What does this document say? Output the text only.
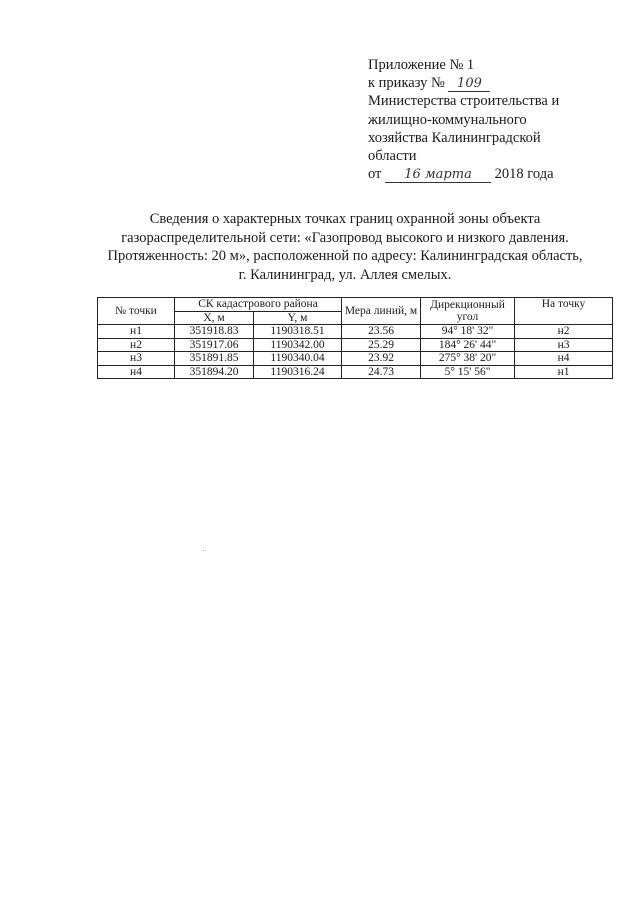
Приложение № 1
к приказу № 109
Министерства строительства и
жилищно-коммунального
хозяйства Калининградской
области
от 16 марта 2018 года
Сведения о характерных точках границ охранной зоны объекта
газораспределительной сети: «Газопровод высокого и низкого давления.
Протяженность: 20 м», расположенной по адресу: Калининградская область,
г. Калининград, ул. Аллея смелых.
№ точки	СК кадастрового района		Мера линий, м	Дирекционный угол	На точку
	X, м	Y, м			
н1	351918.83	1190318.51	23.56	94° 18' 32"	н2
н2	351917.06	1190342.00	25.29	184° 26' 44"	н3
н3	351891.85	1190340.04	23.92	275° 38' 20"	н4
н4	351894.20	1190316.24	24.73	5° 15' 56"	н1
